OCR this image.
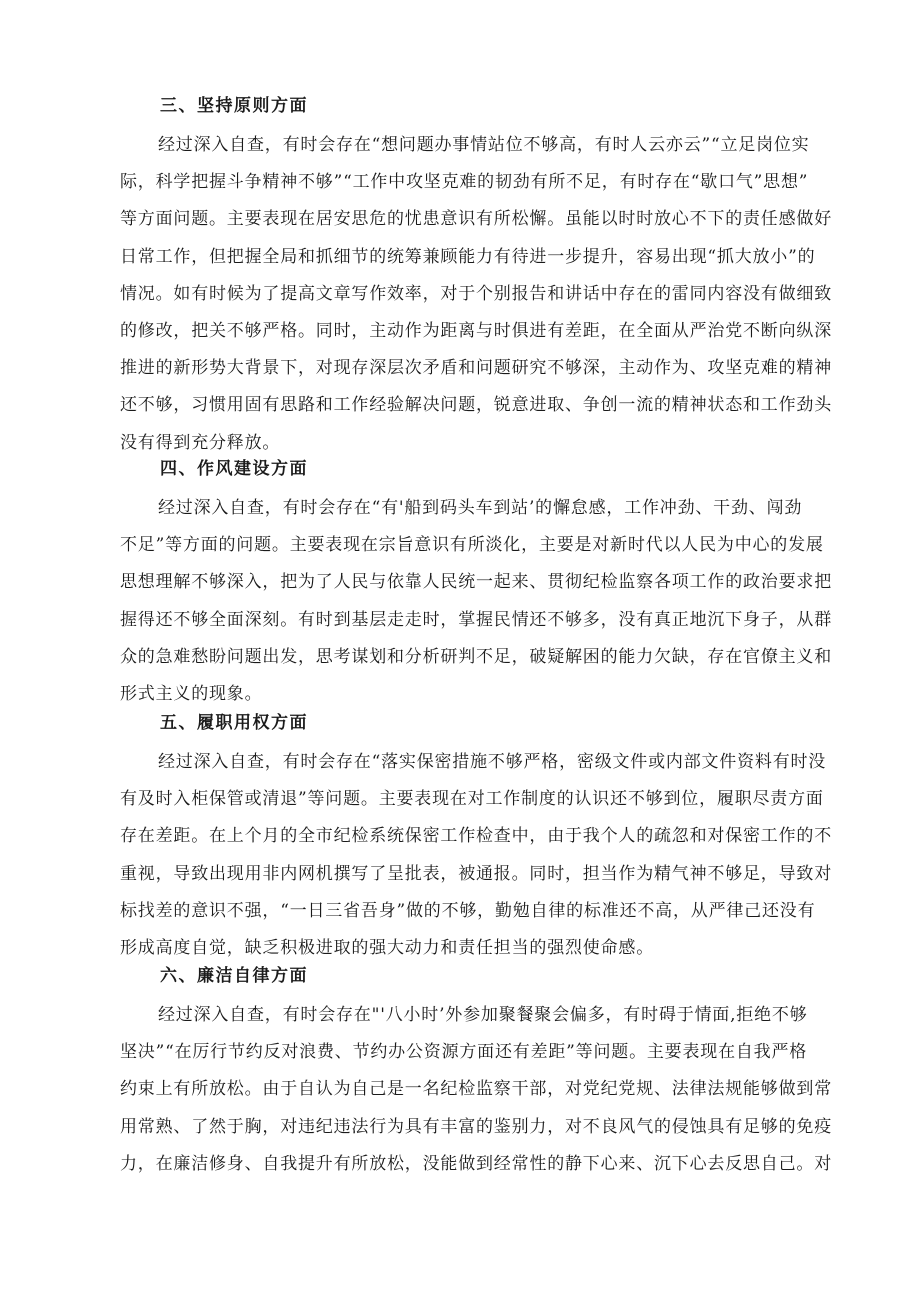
三、坚持原则方面
经过深入自查，有时会存在“想问题办事情站位不够高，有时人云亦云”“立足岗位实
际，科学把握斗争精神不够”“工作中攻坚克难的韧劲有所不足，有时存在“歇口气”思想”
等方面问题。主要表现在居安思危的忧患意识有所松懈。虽能以时时放心不下的责任感做好
日常工作，但把握全局和抓细节的统筹兼顾能力有待进一步提升，容易出现“抓大放小”的
情况。如有时候为了提高文章写作效率，对于个别报告和讲话中存在的雷同内容没有做细致
的修改，把关不够严格。同时，主动作为距离与时俱进有差距，在全面从严治党不断向纵深
推进的新形势大背景下，对现存深层次矛盾和问题研究不够深，主动作为、攻坚克难的精神
还不够，习惯用固有思路和工作经验解决问题，锐意进取、争创一流的精神状态和工作劲头
没有得到充分释放。
四、作风建设方面
经过深入自查，有时会存在“有'船到码头车到站’的懈怠感，工作冲劲、干劲、闯劲
不足”等方面的问题。主要表现在宗旨意识有所淡化，主要是对新时代以人民为中心的发展
思想理解不够深入，把为了人民与依靠人民统一起来、贯彻纪检监察各项工作的政治要求把
握得还不够全面深刻。有时到基层走走时，掌握民情还不够多，没有真正地沉下身子，从群
众的急难愁盼问题出发，思考谋划和分析研判不足，破疑解困的能力欠缺，存在官僚主义和
形式主义的现象。
五、履职用权方面
经过深入自查，有时会存在“落实保密措施不够严格，密级文件或内部文件资料有时没
有及时入柜保管或清退”等问题。主要表现在对工作制度的认识还不够到位，履职尽责方面
存在差距。在上个月的全市纪检系统保密工作检查中，由于我个人的疏忽和对保密工作的不
重视，导致出现用非内网机撰写了呈批表，被通报。同时，担当作为精气神不够足，导致对
标找差的意识不强，“一日三省吾身”做的不够，勤勉自律的标准还不高，从严律己还没有
形成高度自觉，缺乏积极进取的强大动力和责任担当的强烈使命感。
六、廉洁自律方面
经过深入自查，有时会存在"'八小时’外参加聚餐聚会偏多，有时碍于情面,拒绝不够
坚决”“在厉行节约反对浪费、节约办公资源方面还有差距”等问题。主要表现在自我严格
约束上有所放松。由于自认为自己是一名纪检监察干部，对党纪党规、法律法规能够做到常
用常熟、了然于胸，对违纪违法行为具有丰富的鉴别力，对不良风气的侵蚀具有足够的免疫
力，在廉洁修身、自我提升有所放松，没能做到经常性的静下心来、沉下心去反思自己。对
